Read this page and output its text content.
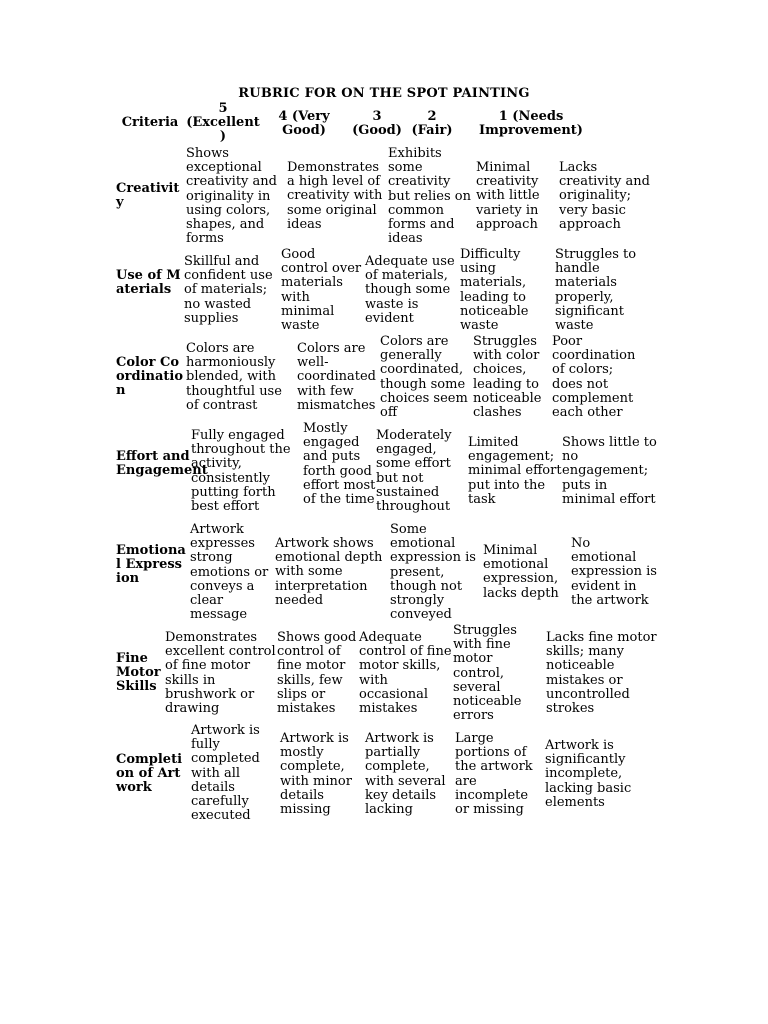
RUBRIC FOR ON THE SPOT PAINTING
Criteria
5 (Excellent )
4 (Very Good)
3 (Good)
2 (Fair)
1 (Needs Improvement)
Creativity
Shows exceptional creativity and originality in using colors, shapes, and forms
Demonstrates a high level of creativity with some original ideas
Exhibits some creativity but relies on common forms and ideas
Minimal creativity with little variety in approach
Lacks creativity and originality; very basic approach
Use of Materials
Skillful and confident use of materials; no wasted supplies
Good control over materials with minimal waste
Adequate use of materials, though some waste is evident
Difficulty using materials, leading to noticeable waste
Struggles to handle materials properly, significant waste
Color Coordination
Colors are harmoniously blended, with thoughtful use of contrast
Colors are well-coordinated with few mismatches
Colors are generally coordinated, though some choices seem off
Struggles with color choices, leading to noticeable clashes
Poor coordination of colors; does not complement each other
Effort and Engagement
Fully engaged throughout the activity, consistently putting forth best effort
Mostly engaged and puts forth good effort most of the time
Moderately engaged, some effort but not sustained throughout
Limited engagement; minimal effort put into the task
Shows little to no engagement; puts in minimal effort
Emotional Expression
Artwork expresses strong emotions or conveys a clear message
Artwork shows emotional depth with some interpretation needed
Some emotional expression is present, though not strongly conveyed
Minimal emotional expression, lacks depth
No emotional expression is evident in the artwork
Fine Motor Skills
Demonstrates excellent control of fine motor skills in brushwork or drawing
Shows good control of fine motor skills, few slips or mistakes
Adequate control of fine motor skills, with occasional mistakes
Struggles with fine motor control, several noticeable errors
Lacks fine motor skills; many noticeable mistakes or uncontrolled strokes
Completion of Artwork
Artwork is fully completed with all details carefully executed
Artwork is mostly complete, with minor details missing
Artwork is partially complete, with several key details lacking
Large portions of the artwork are incomplete or missing
Artwork is significantly incomplete, lacking basic elements
